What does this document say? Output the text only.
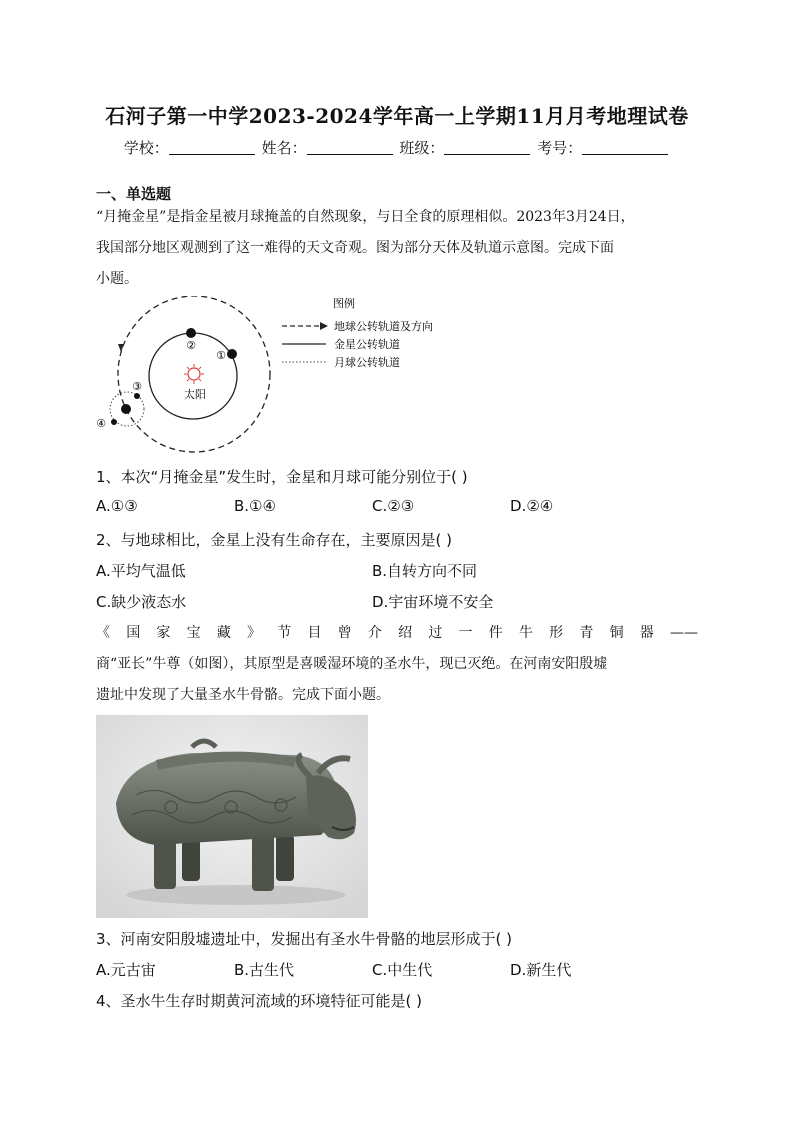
石河子第一中学2023-2024学年高一上学期11月月考地理试卷
学校：	姓名：	班级：	考号：
一、单选题
“月掩金星”是指金星被月球掩盖的自然现象，与日全食的原理相似。2023年3月24日，
我国部分地区观测到了这一难得的天文奇观。图为部分天体及轨道示意图。完成下面
小题。
太阳
②
①
③
④
图例
地球公转轨道及方向
金星公转轨道
月球公转轨道
1、本次“月掩金星”发生时，金星和月球可能分别位于( )
A.①③	B.①④	C.②③	D.②④
2、与地球相比，金星上没有生命存在，主要原因是( )
A.平均气温低	B.自转方向不同
C.缺少液态水	D.宇宙环境不安全
《国家宝藏》节目曾介绍过一件牛形青铜器——
商“亚长”牛尊（如图），其原型是喜暖湿环境的圣水牛，现已灭绝。在河南安阳殷墟
遗址中发现了大量圣水牛骨骼。完成下面小题。
3、河南安阳殷墟遗址中，发掘出有圣水牛骨骼的地层形成于( )
A.元古宙	B.古生代	C.中生代	D.新生代
4、圣水牛生存时期黄河流域的环境特征可能是( )
